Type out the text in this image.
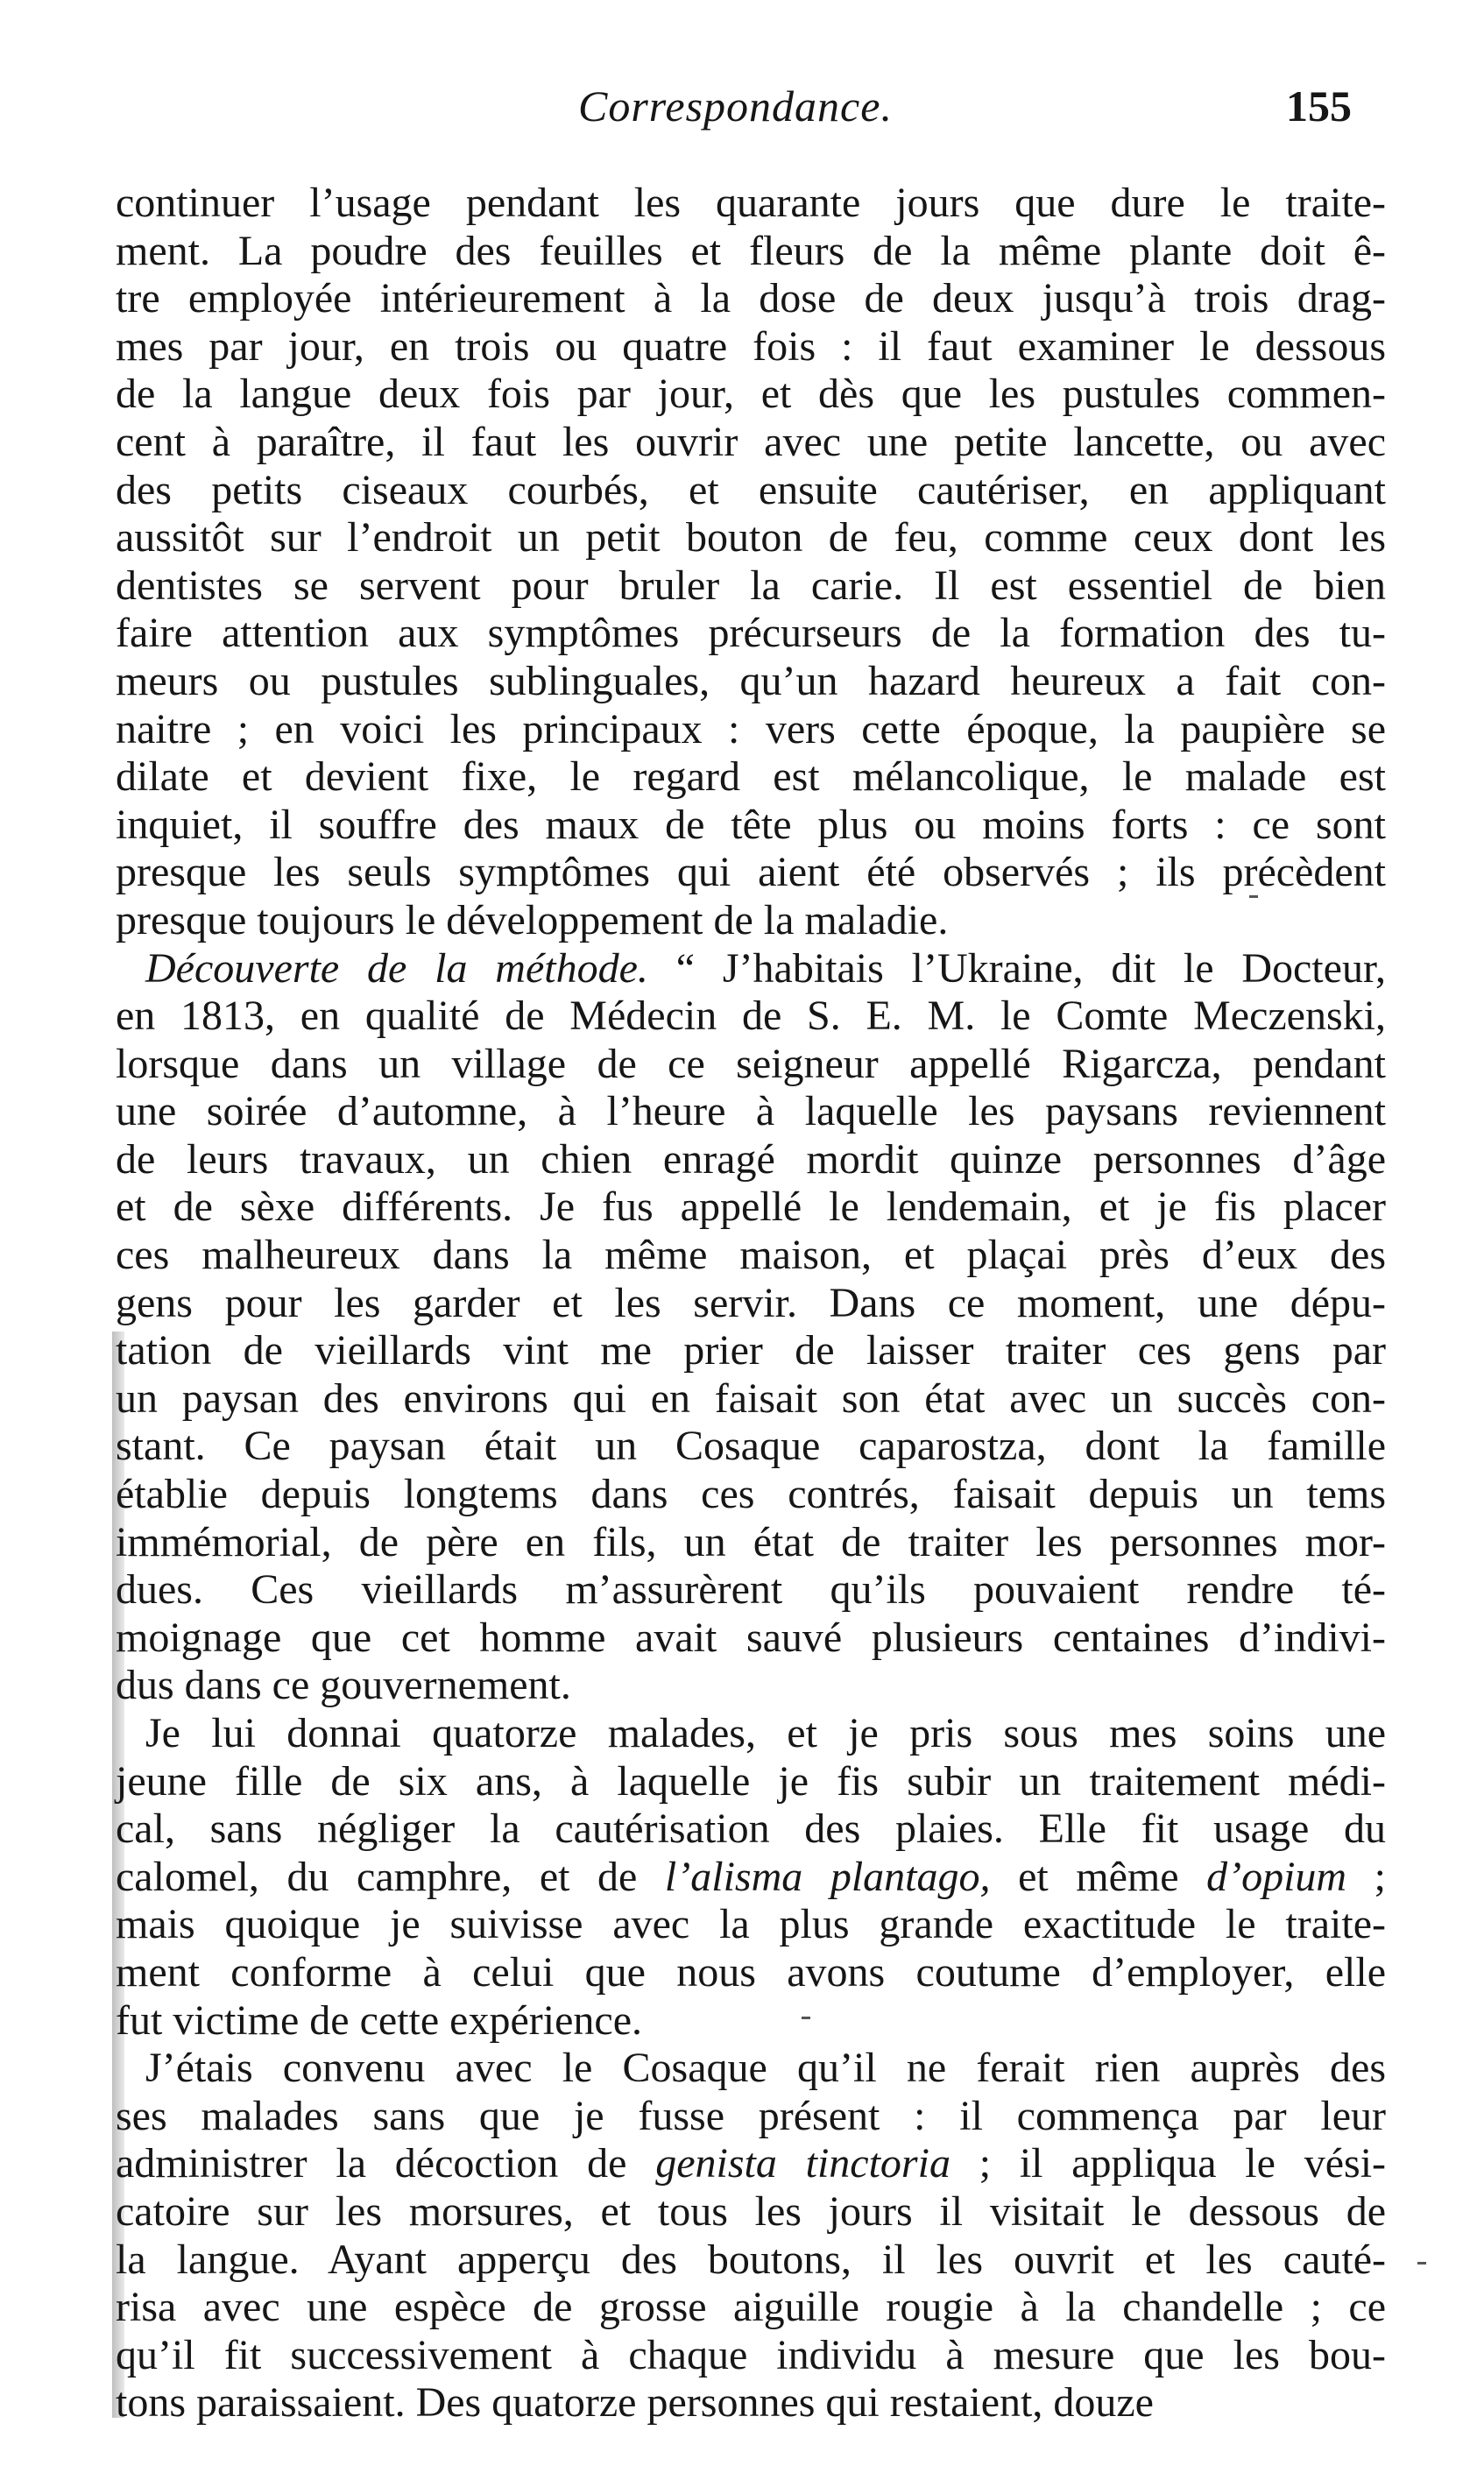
Correspondance.	155
continuer l’usage pendant les quarante jours que dure le traite-
ment. La poudre des feuilles et fleurs de la même plante doit ê-
tre employée intérieurement à la dose de deux jusqu’à trois drag-
mes par jour, en trois ou quatre fois : il faut examiner le dessous
de la langue deux fois par jour, et dès que les pustules commen-
cent à paraître, il faut les ouvrir avec une petite lancette, ou avec
des petits ciseaux courbés, et ensuite cautériser, en appliquant
aussitôt sur l’endroit un petit bouton de feu, comme ceux dont les
dentistes se servent pour bruler la carie. Il est essentiel de bien
faire attention aux symptômes précurseurs de la formation des tu-
meurs ou pustules sublinguales, qu’un hazard heureux a fait con-
naitre ; en voici les principaux : vers cette époque, la paupière se
dilate et devient fixe, le regard est mélancolique, le malade est
inquiet, il souffre des maux de tête plus ou moins forts : ce sont
presque les seuls symptômes qui aient été observés ; ils précèdent
presque toujours le développement de la maladie.
Découverte de la méthode. “ J’habitais l’Ukraine, dit le Docteur,
en 1813, en qualité de Médecin de S. E. M. le Comte Meczenski,
lorsque dans un village de ce seigneur appellé Rigarcza, pendant
une soirée d’automne, à l’heure à laquelle les paysans reviennent
de leurs travaux, un chien enragé mordit quinze personnes d’âge
et de sèxe différents. Je fus appellé le lendemain, et je fis placer
ces malheureux dans la même maison, et plaçai près d’eux des
gens pour les garder et les servir. Dans ce moment, une dépu-
tation de vieillards vint me prier de laisser traiter ces gens par
un paysan des environs qui en faisait son état avec un succès con-
stant. Ce paysan était un Cosaque caparostza, dont la famille
établie depuis longtems dans ces contrés, faisait depuis un tems
immémorial, de père en fils, un état de traiter les personnes mor-
dues. Ces vieillards m’assurèrent qu’ils pouvaient rendre té-
moignage que cet homme avait sauvé plusieurs centaines d’indivi-
dus dans ce gouvernement.
Je lui donnai quatorze malades, et je pris sous mes soins une
jeune fille de six ans, à laquelle je fis subir un traitement médi-
cal, sans négliger la cautérisation des plaies. Elle fit usage du
calomel, du camphre, et de l’alisma plantago, et même d’opium ;
mais quoique je suivisse avec la plus grande exactitude le traite-
ment conforme à celui que nous avons coutume d’employer, elle
fut victime de cette expérience.
J’étais convenu avec le Cosaque qu’il ne ferait rien auprès des
ses malades sans que je fusse présent : il commença par leur
administrer la décoction de genista tinctoria ; il appliqua le vési-
catoire sur les morsures, et tous les jours il visitait le dessous de
la langue. Ayant apperçu des boutons, il les ouvrit et les cauté-
risa avec une espèce de grosse aiguille rougie à la chandelle ; ce
qu’il fit successivement à chaque individu à mesure que les bou-
tons paraissaient. Des quatorze personnes qui restaient, douze
